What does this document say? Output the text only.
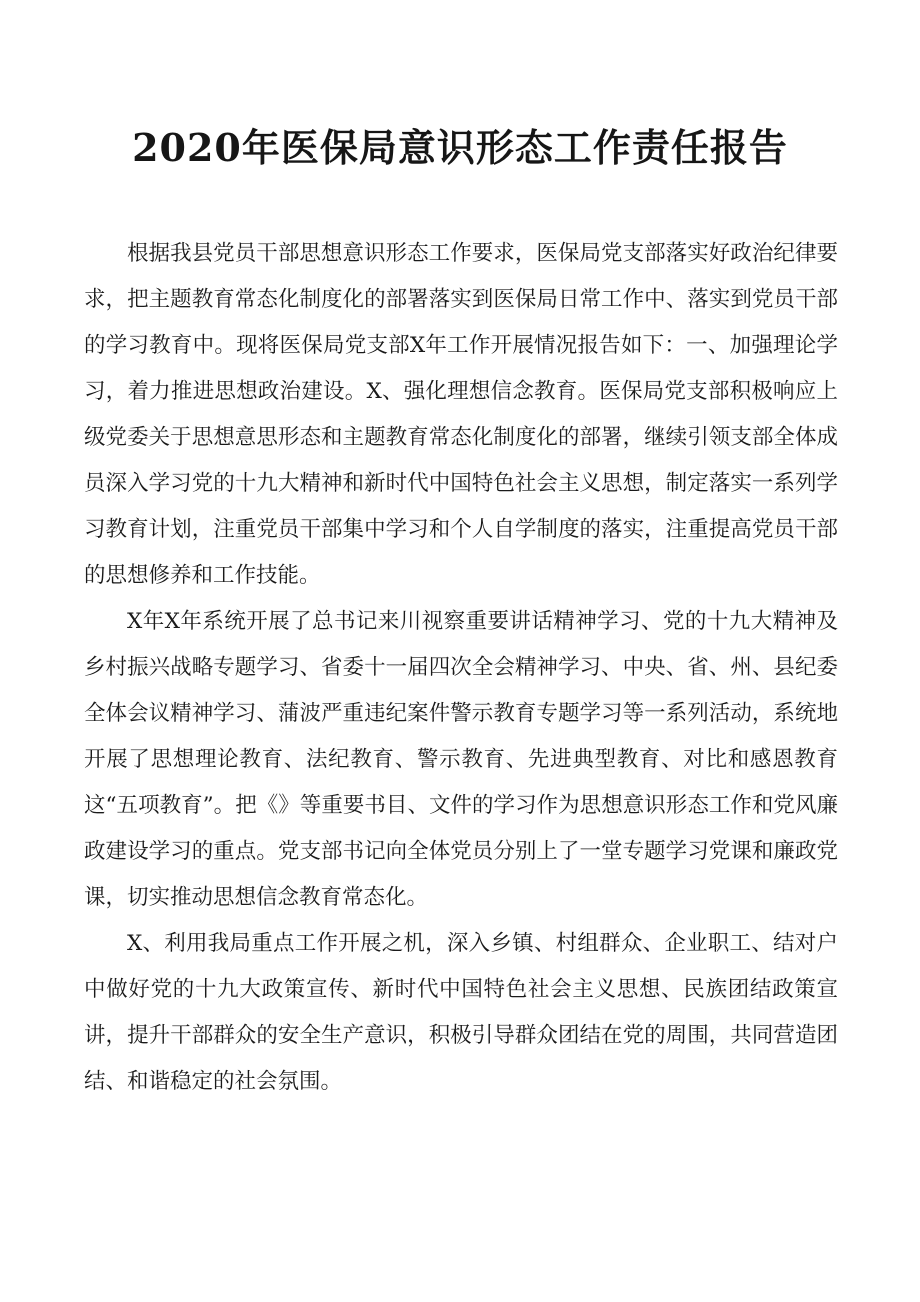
2020年医保局意识形态工作责任报告

根据我县党员干部思想意识形态工作要求，医保局党支部落实好政治纪律要求，把主题教育常态化制度化的部署落实到医保局日常工作中、落实到党员干部的学习教育中。现将医保局党支部X年工作开展情况报告如下：一、加强理论学习，着力推进思想政治建设。X、强化理想信念教育。医保局党支部积极响应上级党委关于思想意思形态和主题教育常态化制度化的部署，继续引领支部全体成员深入学习党的十九大精神和新时代中国特色社会主义思想，制定落实一系列学习教育计划，注重党员干部集中学习和个人自学制度的落实，注重提高党员干部的思想修养和工作技能。

X年X年系统开展了总书记来川视察重要讲话精神学习、党的十九大精神及乡村振兴战略专题学习、省委十一届四次全会精神学习、中央、省、州、县纪委全体会议精神学习、蒲波严重违纪案件警示教育专题学习等一系列活动，系统地开展了思想理论教育、法纪教育、警示教育、先进典型教育、对比和感恩教育这“五项教育”。把《》等重要书目、文件的学习作为思想意识形态工作和党风廉政建设学习的重点。党支部书记向全体党员分别上了一堂专题学习党课和廉政党课，切实推动思想信念教育常态化。

X、利用我局重点工作开展之机，深入乡镇、村组群众、企业职工、结对户中做好党的十九大政策宣传、新时代中国特色社会主义思想、民族团结政策宣讲，提升干部群众的安全生产意识，积极引导群众团结在党的周围，共同营造团结、和谐稳定的社会氛围。
